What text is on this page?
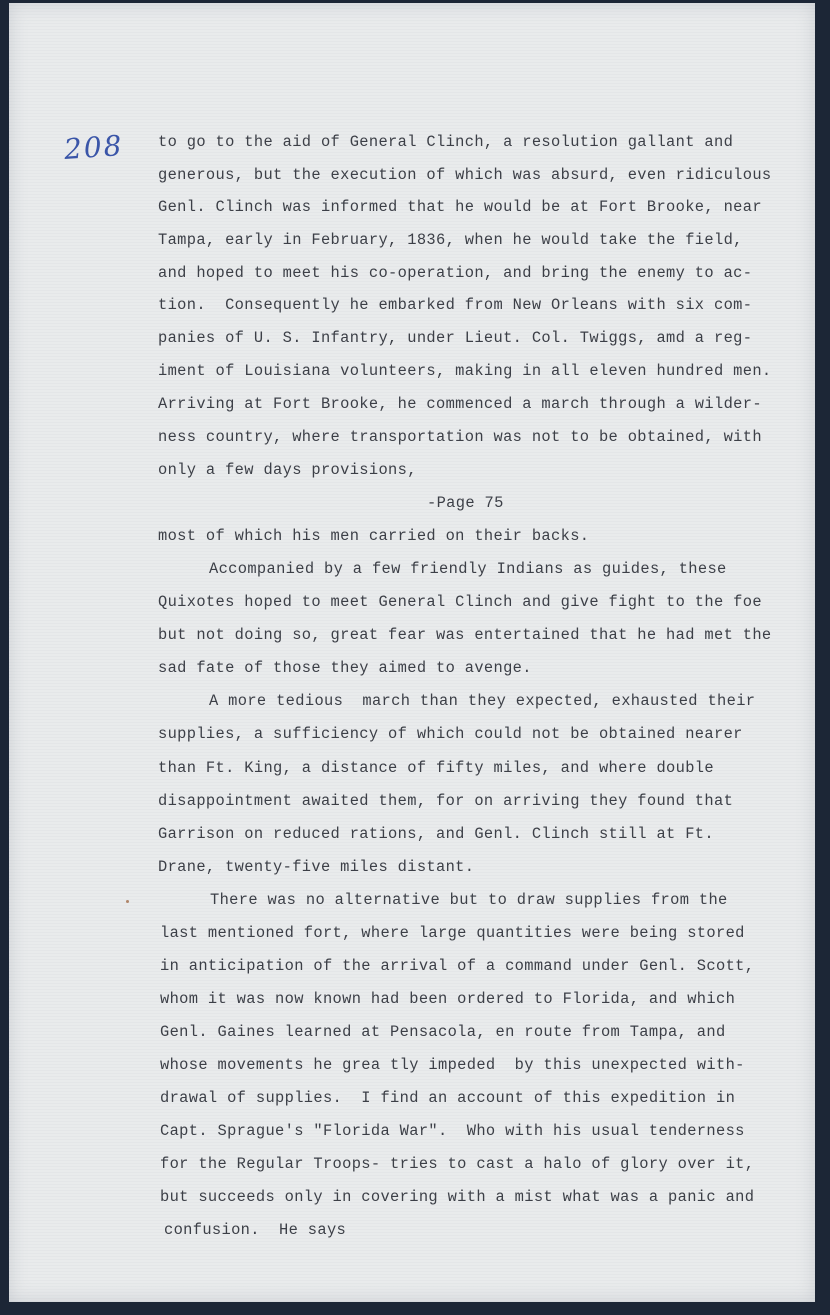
208 to go to the aid of General Clinch, a resolution gallant and
generous, but the execution of which was absurd, even ridiculous
Genl. Clinch was informed that he would be at Fort Brooke, near
Tampa, early in February, 1836, when he would take the field,
and hoped to meet his co-operation, and bring the enemy to ac-
tion.  Consequently he embarked from New Orleans with six com-
panies of U. S. Infantry, under Lieut. Col. Twiggs, amd a reg-
iment of Louisiana volunteers, making in all eleven hundred men.
Arriving at Fort Brooke, he commenced a march through a wilder-
ness country, where transportation was not to be obtained, with
only a few days provisions,
-Page 75
most of which his men carried on their backs.
Accompanied by a few friendly Indians as guides, these
Quixotes hoped to meet General Clinch and give fight to the foe
but not doing so, great fear was entertained that he had met the
sad fate of those they aimed to avenge.
A more tedious  march than they expected, exhausted their
supplies, a sufficiency of which could not be obtained nearer
than Ft. King, a distance of fifty miles, and where double
disappointment awaited them, for on arriving they found that
Garrison on reduced rations, and Genl. Clinch still at Ft.
Drane, twenty-five miles distant.
There was no alternative but to draw supplies from the
last mentioned fort, where large quantities were being stored
in anticipation of the arrival of a command under Genl. Scott,
whom it was now known had been ordered to Florida, and which
Genl. Gaines learned at Pensacola, en route from Tampa, and
whose movements he grea tly impeded  by this unexpected with-
drawal of supplies.  I find an account of this expedition in
Capt. Sprague's "Florida War".  Who with his usual tenderness
for the Regular Troops- tries to cast a halo of glory over it,
but succeeds only in covering with a mist what was a panic and
confusion.  He says
